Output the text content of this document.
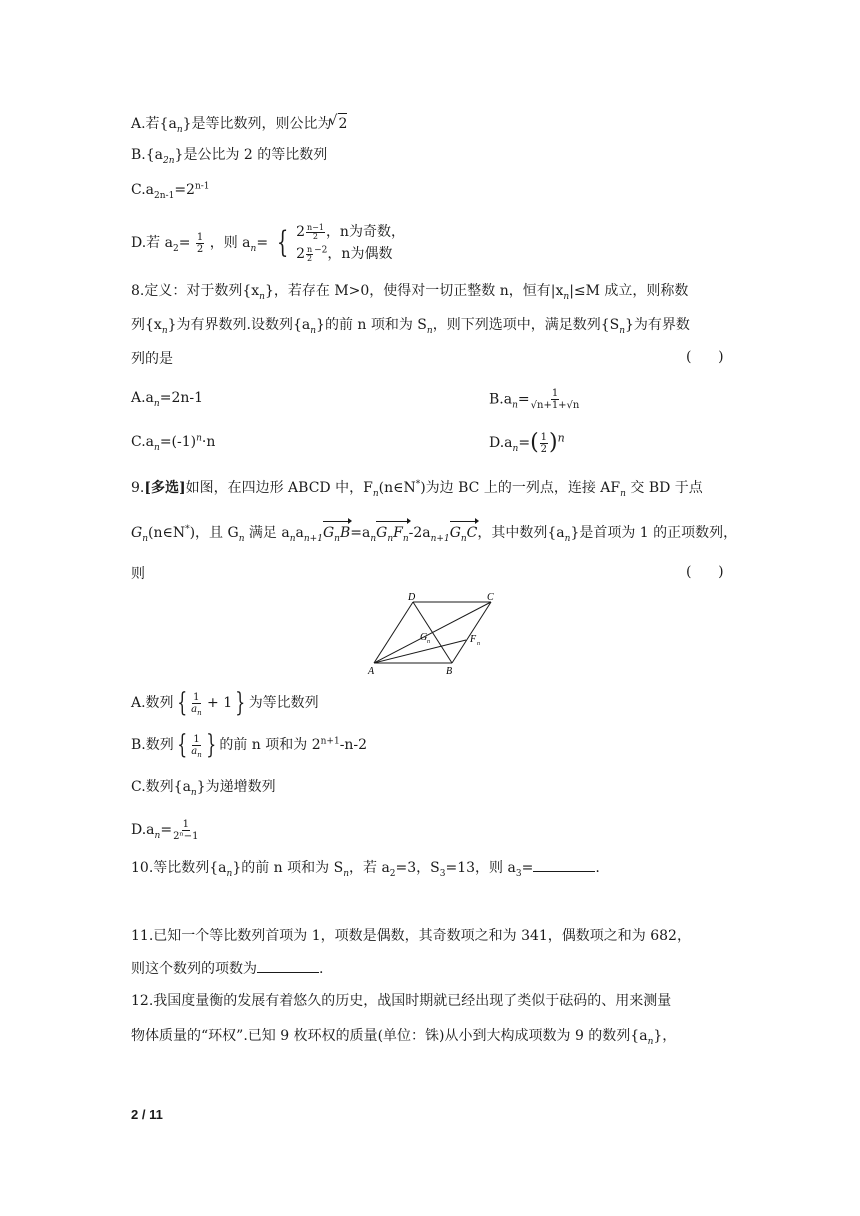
A.若$\{a_n\}$是等比数列，则公比为√ 2
$B.\{a_{2n}\}$是公比为 2 的等比数列
$C.a_{2n-1}=2^{n-1}$
D.若 $a_2= \frac{1}{2}$ ，则 $a_n=$ { 2 $^{\frac{n-1}{2}}$ ，n为奇数，
2 $^{\frac{n}{2}}$ $^{-2}$，n为偶数
8.定义：对于数列$\{x_n\}$，若存在 M>0，使得对一切正整数 n，恒有$|x_n|\le M$ 成立，则称数
列$\{x_n\}$为有界数列.设数列$\{a_n\}$的前 n 项和为 $S_n$，则下列选项中，满足数列$\{S_n\}$为有界数
列的是	(      )
$A.a_n=2n-1$	$B.a_n= \frac{1}{√n+1+√n}$
$C.a_n=(-1)^n\cdot n$	$D.a_n=( \frac{1}{2} )^n$
9.[多选]如图，在四边形 ABCD 中，$F_n(n\in N^*)$为边 BC 上的一列点，连接 $AF_n$ 交 BD 于点
$G_n(n\in N^*)$，且 $G_n$ 满足 $a_na_{n+1}G_nB=a_nG_nF_n-2a_{n+1}G_nC$，其中数列$\{a_n\}$是首项为 1 的正项数列，
则	(      )
D	C
A	B
G n	F n
A.数列 { $\frac{1}{a_n} + 1$ } 为等比数列
B.数列 { $\frac{1}{a_n}$ } 的前 n 项和为 $2^{n+1}-n-2$
C.数列$\{a_n\}$为递增数列
$D.a_n= \frac{1}{\text{2ⁿ−1}}$
10.等比数列$\{a_n\}$的前 n 项和为 $S_n$，若 $a_2=3$，$S_3=13$，则 $a_3=$	.
11.已知一个等比数列首项为 1，项数是偶数，其奇数项之和为 341，偶数项之和为 682，
则这个数列的项数为	.
12.我国度量衡的发展有着悠久的历史，战国时期就已经出现了类似于砝码的、用来测量
物体质量的“环权”.已知 9 枚环权的质量(单位：铢)从小到大构成项数为 9 的数列$\{a_n\}$，
2 / 11
